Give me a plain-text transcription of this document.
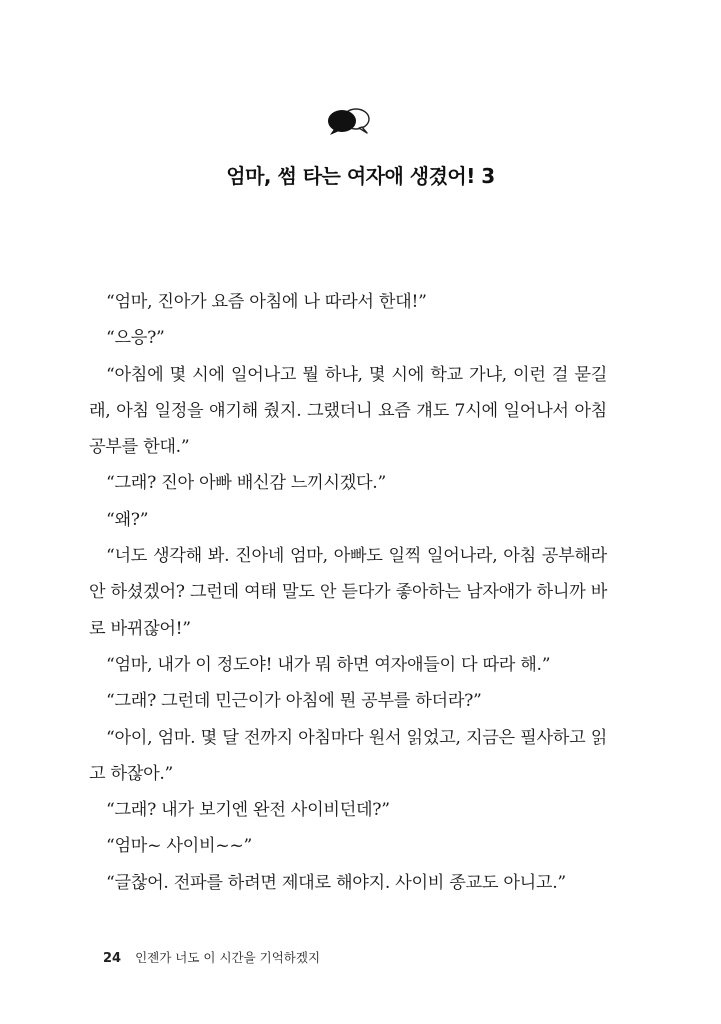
엄마, 썸 타는 여자애 생겼어! 3

“엄마, 진아가 요즘 아침에 나 따라서 한대!”

“으응?”

“아침에 몇 시에 일어나고 뭘 하냐, 몇 시에 학교 가냐, 이런 걸 묻길래, 아침 일정을 얘기해 줬지. 그랬더니 요즘 걔도 7시에 일어나서 아침 공부를 한대.”

“그래? 진아 아빠 배신감 느끼시겠다.”

“왜?”

“너도 생각해 봐. 진아네 엄마, 아빠도 일찍 일어나라, 아침 공부해라 안 하셨겠어? 그런데 여태 말도 안 듣다가 좋아하는 남자애가 하니까 바로 바뀌잖어!”

“엄마, 내가 이 정도야! 내가 뭐 하면 여자애들이 다 따라 해.”

“그래? 그런데 민근이가 아침에 뭔 공부를 하더라?”

“아이, 엄마. 몇 달 전까지 아침마다 원서 읽었고, 지금은 필사하고 읽고 하잖아.”

“그래? 내가 보기엔 완전 사이비던데?”

“엄마~ 사이비~~”

“글찮어. 전파를 하려면 제대로 해야지. 사이비 종교도 아니고.”

24 인젠가 너도 이 시간을 기억하겠지
